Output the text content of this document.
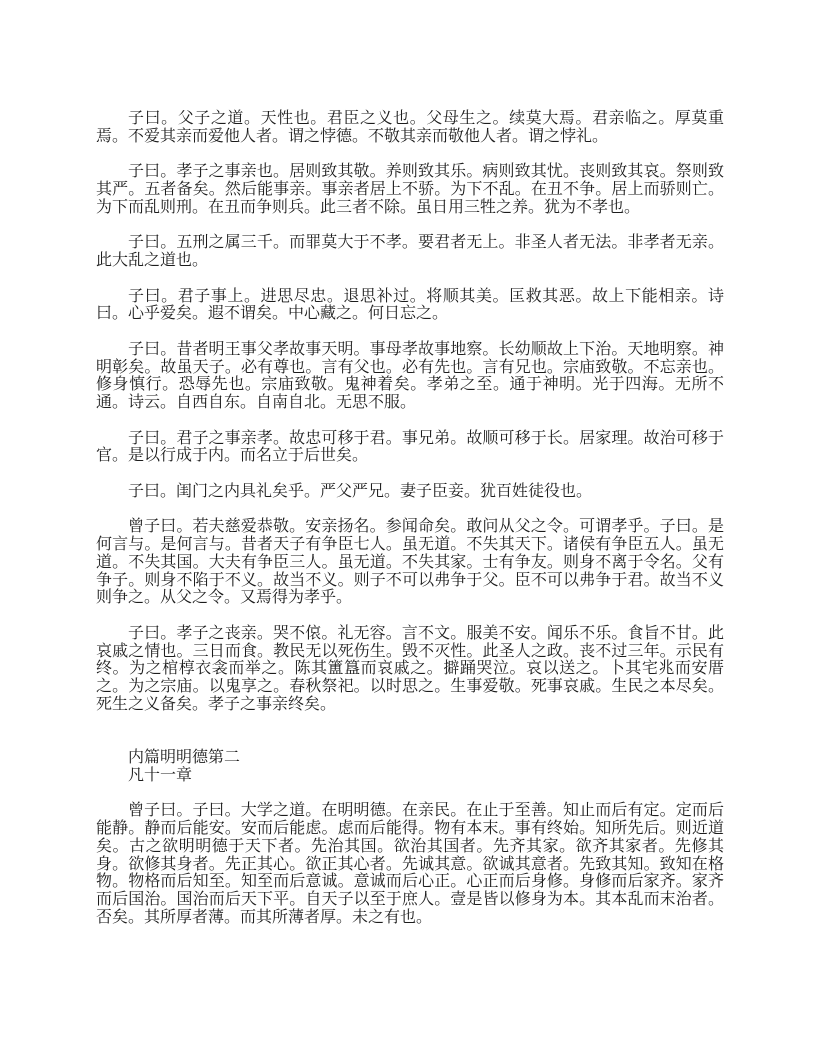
子曰。父子之道。天性也。君臣之义也。父母生之。续莫大焉。君亲临之。厚莫重焉。不爱其亲而爱他人者。谓之悖德。不敬其亲而敬他人者。谓之悖礼。

子曰。孝子之事亲也。居则致其敬。养则致其乐。病则致其忧。丧则致其哀。祭则致其严。五者备矣。然后能事亲。事亲者居上不骄。为下不乱。在丑不争。居上而骄则亡。为下而乱则刑。在丑而争则兵。此三者不除。虽日用三牲之养。犹为不孝也。

子曰。五刑之属三千。而罪莫大于不孝。要君者无上。非圣人者无法。非孝者无亲。此大乱之道也。

子曰。君子事上。进思尽忠。退思补过。将顺其美。匡救其恶。故上下能相亲。诗曰。心乎爱矣。遐不谓矣。中心藏之。何日忘之。

子曰。昔者明王事父孝故事天明。事母孝故事地察。长幼顺故上下治。天地明察。神明彰矣。故虽天子。必有尊也。言有父也。必有先也。言有兄也。宗庙致敬。不忘亲也。修身慎行。恐辱先也。宗庙致敬。鬼神着矣。孝弟之至。通于神明。光于四海。无所不通。诗云。自西自东。自南自北。无思不服。

子曰。君子之事亲孝。故忠可移于君。事兄弟。故顺可移于长。居家理。故治可移于官。是以行成于内。而名立于后世矣。

子曰。闺门之内具礼矣乎。严父严兄。妻子臣妾。犹百姓徒役也。

曾子曰。若夫慈爱恭敬。安亲扬名。参闻命矣。敢问从父之令。可谓孝乎。子曰。是何言与。是何言与。昔者天子有争臣七人。虽无道。不失其天下。诸侯有争臣五人。虽无道。不失其国。大夫有争臣三人。虽无道。不失其家。士有争友。则身不离于令名。父有争子。则身不陷于不义。故当不义。则子不可以弗争于父。臣不可以弗争于君。故当不义则争之。从父之令。又焉得为孝乎。

子曰。孝子之丧亲。哭不偯。礼无容。言不文。服美不安。闻乐不乐。食旨不甘。此哀戚之情也。三日而食。教民无以死伤生。毁不灭性。此圣人之政。丧不过三年。示民有终。为之棺椁衣衾而举之。陈其簠簋而哀戚之。擗踊哭泣。哀以送之。卜其宅兆而安厝之。为之宗庙。以鬼享之。春秋祭祀。以时思之。生事爱敬。死事哀戚。生民之本尽矣。死生之义备矣。孝子之事亲终矣。

内篇明明德第二

凡十一章

曾子曰。子曰。大学之道。在明明德。在亲民。在止于至善。知止而后有定。定而后能静。静而后能安。安而后能虑。虑而后能得。物有本末。事有终始。知所先后。则近道矣。古之欲明明德于天下者。先治其国。欲治其国者。先齐其家。欲齐其家者。先修其身。欲修其身者。先正其心。欲正其心者。先诚其意。欲诚其意者。先致其知。致知在格物。物格而后知至。知至而后意诚。意诚而后心正。心正而后身修。身修而后家齐。家齐而后国治。国治而后天下平。自天子以至于庶人。壹是皆以修身为本。其本乱而末治者。否矣。其所厚者薄。而其所薄者厚。未之有也。
